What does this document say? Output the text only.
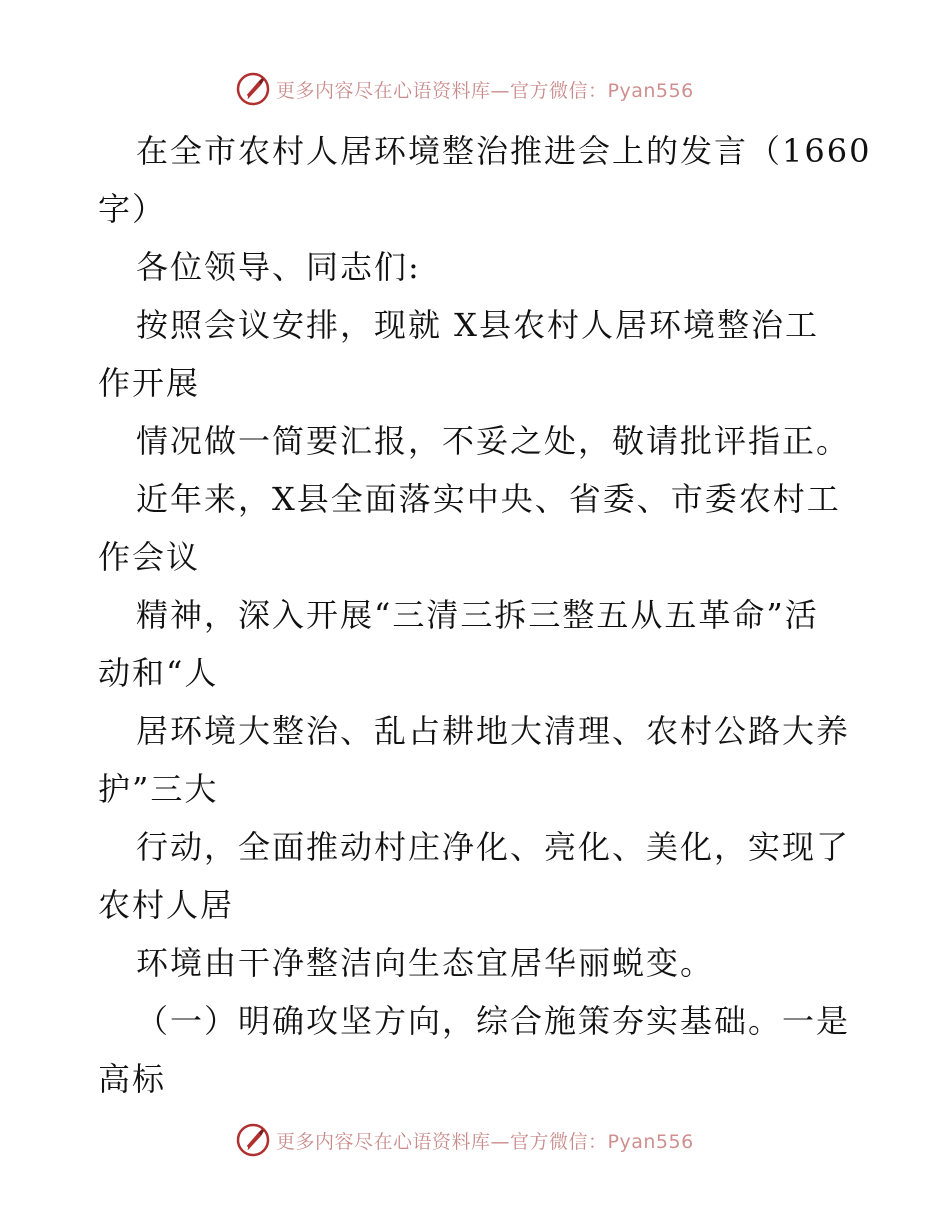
更多内容尽在心语资料库—官方微信：Pyan556
在全市农村人居环境整治推进会上的发言（1660
字）
各位领导、同志们:
按照会议安排，现就 X县农村人居环境整治工
作开展
情况做一简要汇报，不妥之处，敬请批评指正。
近年来，X县全面落实中央、省委、市委农村工
作会议
精神，深入开展“三清三拆三整五从五革命”活
动和“人
居环境大整治、乱占耕地大清理、农村公路大养
护”三大
行动，全面推动村庄净化、亮化、美化，实现了
农村人居
环境由干净整洁向生态宜居华丽蜕变。
（一）明确攻坚方向，综合施策夯实基础。一是
高标
更多内容尽在心语资料库—官方微信：Pyan556
